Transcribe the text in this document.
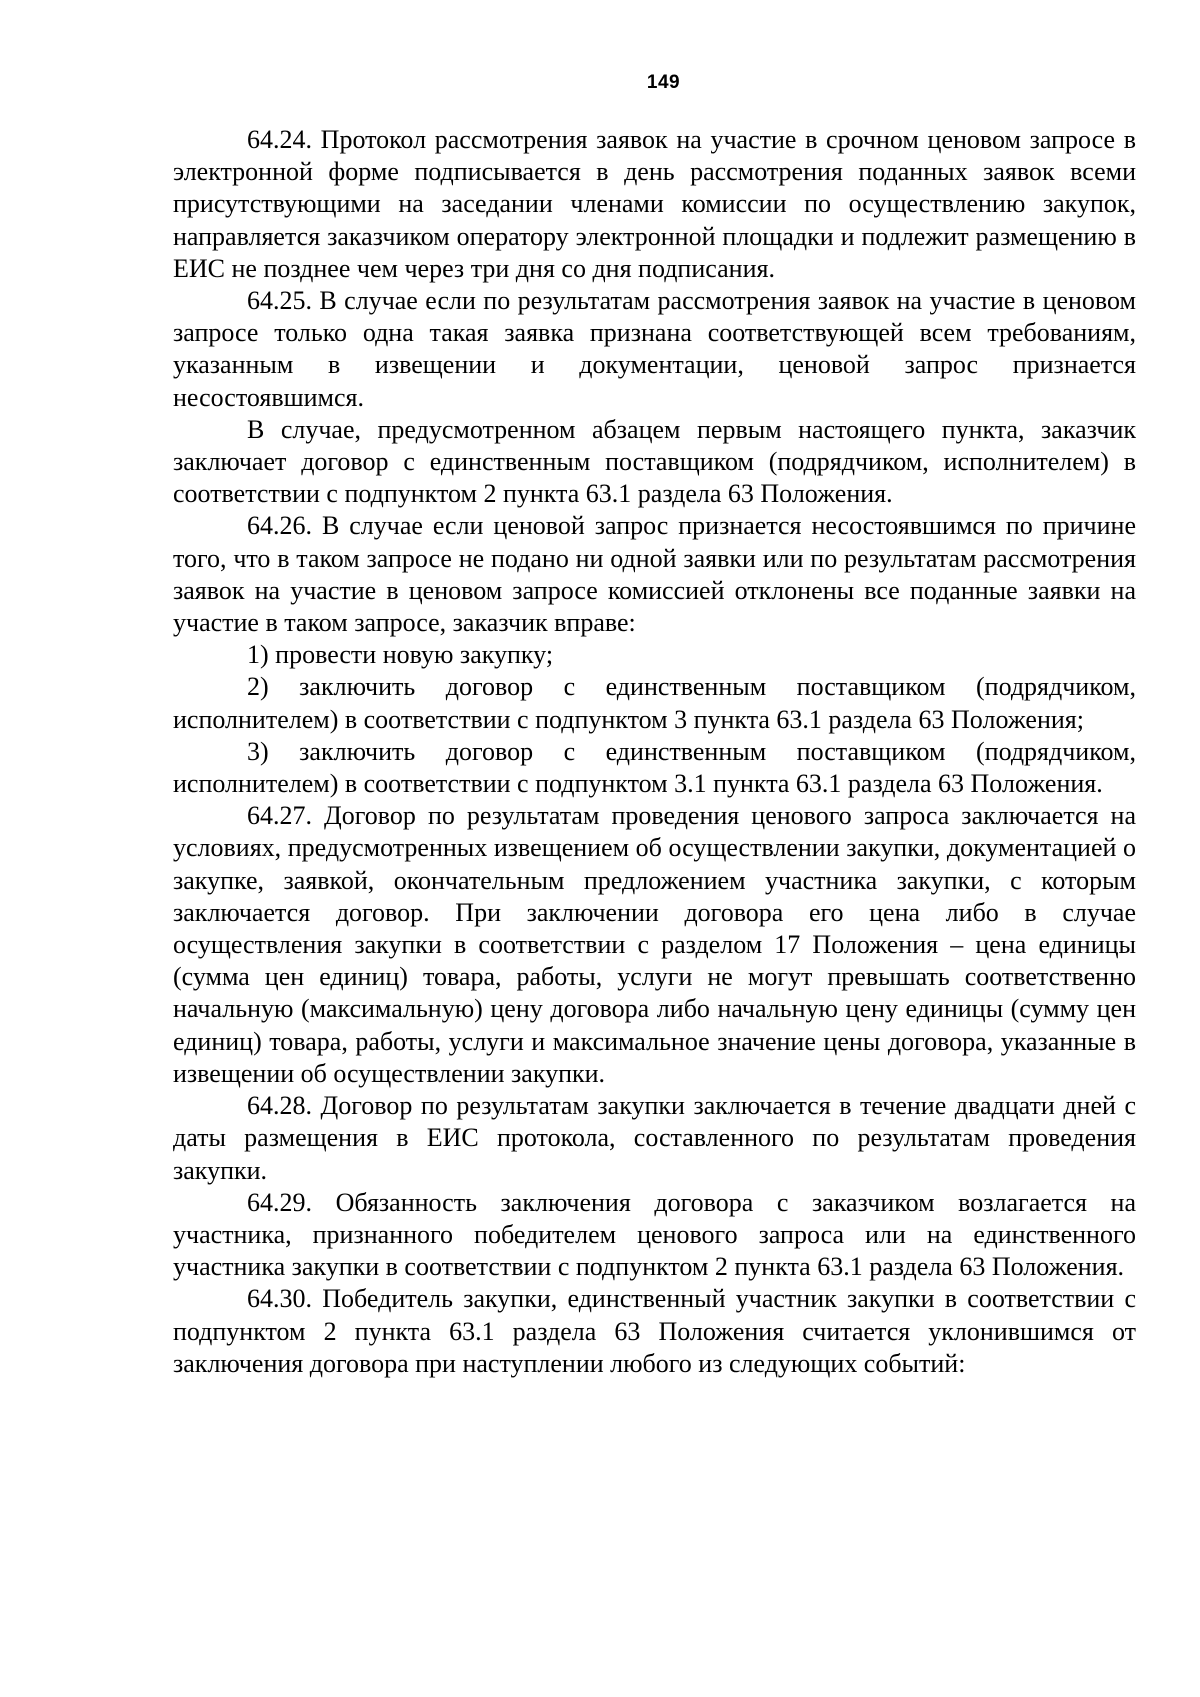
149

64.24. Протокол рассмотрения заявок на участие в срочном ценовом запросе в электронной форме подписывается в день рассмотрения поданных заявок всеми присутствующими на заседании членами комиссии по осуществлению закупок, направляется заказчиком оператору электронной площадки и подлежит размещению в ЕИС не позднее чем через три дня со дня подписания.

64.25. В случае если по результатам рассмотрения заявок на участие в ценовом запросе только одна такая заявка признана соответствующей всем требованиям, указанным в извещении и документации, ценовой запрос признается несостоявшимся.

В случае, предусмотренном абзацем первым настоящего пункта, заказчик заключает договор с единственным поставщиком (подрядчиком, исполнителем) в соответствии с подпунктом 2 пункта 63.1 раздела 63 Положения.

64.26. В случае если ценовой запрос признается несостоявшимся по причине того, что в таком запросе не подано ни одной заявки или по результатам рассмотрения заявок на участие в ценовом запросе комиссией отклонены все поданные заявки на участие в таком запросе, заказчик вправе:

1) провести новую закупку;

2) заключить договор с единственным поставщиком (подрядчиком, исполнителем) в соответствии с подпунктом 3 пункта 63.1 раздела 63 Положения;

3) заключить договор с единственным поставщиком (подрядчиком, исполнителем) в соответствии с подпунктом 3.1 пункта 63.1 раздела 63 Положения.

64.27. Договор по результатам проведения ценового запроса заключается на условиях, предусмотренных извещением об осуществлении закупки, документацией о закупке, заявкой, окончательным предложением участника закупки, с которым заключается договор. При заключении договора его цена либо в случае осуществления закупки в соответствии с разделом 17 Положения – цена единицы (сумма цен единиц) товара, работы, услуги не могут превышать соответственно начальную (максимальную) цену договора либо начальную цену единицы (сумму цен единиц) товара, работы, услуги и максимальное значение цены договора, указанные в извещении об осуществлении закупки.

64.28. Договор по результатам закупки заключается в течение двадцати дней с даты размещения в ЕИС протокола, составленного по результатам проведения закупки.

64.29. Обязанность заключения договора с заказчиком возлагается на участника, признанного победителем ценового запроса или на единственного участника закупки в соответствии с подпунктом 2 пункта 63.1 раздела 63 Положения.

64.30. Победитель закупки, единственный участник закупки в соответствии с подпунктом 2 пункта 63.1 раздела 63 Положения считается уклонившимся от заключения договора при наступлении любого из следующих событий:
